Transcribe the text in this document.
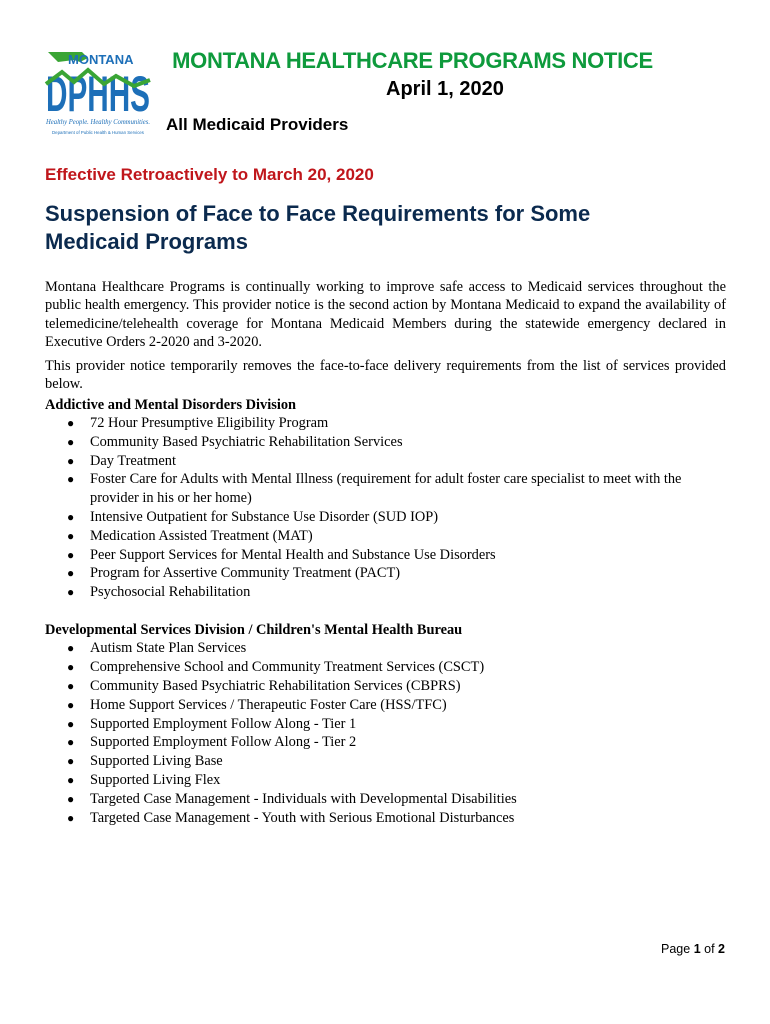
MONTANA
DPHHS
Healthy People. Healthy Communities.
Department of Public Health & Human Services
MONTANA HEALTHCARE PROGRAMS NOTICE
April 1, 2020
All Medicaid Providers
Effective Retroactively to March 20, 2020
Suspension of Face to Face Requirements for Some Medicaid Programs

Montana Healthcare Programs is continually working to improve safe access to Medicaid services throughout the public health emergency. This provider notice is the second action by Montana Medicaid to expand the availability of telemedicine/telehealth coverage for Montana Medicaid Members during the statewide emergency declared in Executive Orders 2-2020 and 3-2020.

This provider notice temporarily removes the face-to-face delivery requirements from the list of services provided below.

Addictive and Mental Disorders Division
● 72 Hour Presumptive Eligibility Program
● Community Based Psychiatric Rehabilitation Services
● Day Treatment
● Foster Care for Adults with Mental Illness (requirement for adult foster care specialist to meet with the provider in his or her home)
● Intensive Outpatient for Substance Use Disorder (SUD IOP)
● Medication Assisted Treatment (MAT)
● Peer Support Services for Mental Health and Substance Use Disorders
● Program for Assertive Community Treatment (PACT)
● Psychosocial Rehabilitation
Developmental Services Division / Children's Mental Health Bureau
● Autism State Plan Services
● Comprehensive School and Community Treatment Services (CSCT)
● Community Based Psychiatric Rehabilitation Services (CBPRS)
● Home Support Services / Therapeutic Foster Care (HSS/TFC)
● Supported Employment Follow Along - Tier 1
● Supported Employment Follow Along - Tier 2
● Supported Living Base
● Supported Living Flex
● Targeted Case Management - Individuals with Developmental Disabilities
● Targeted Case Management - Youth with Serious Emotional Disturbances
Page 1 of 2
